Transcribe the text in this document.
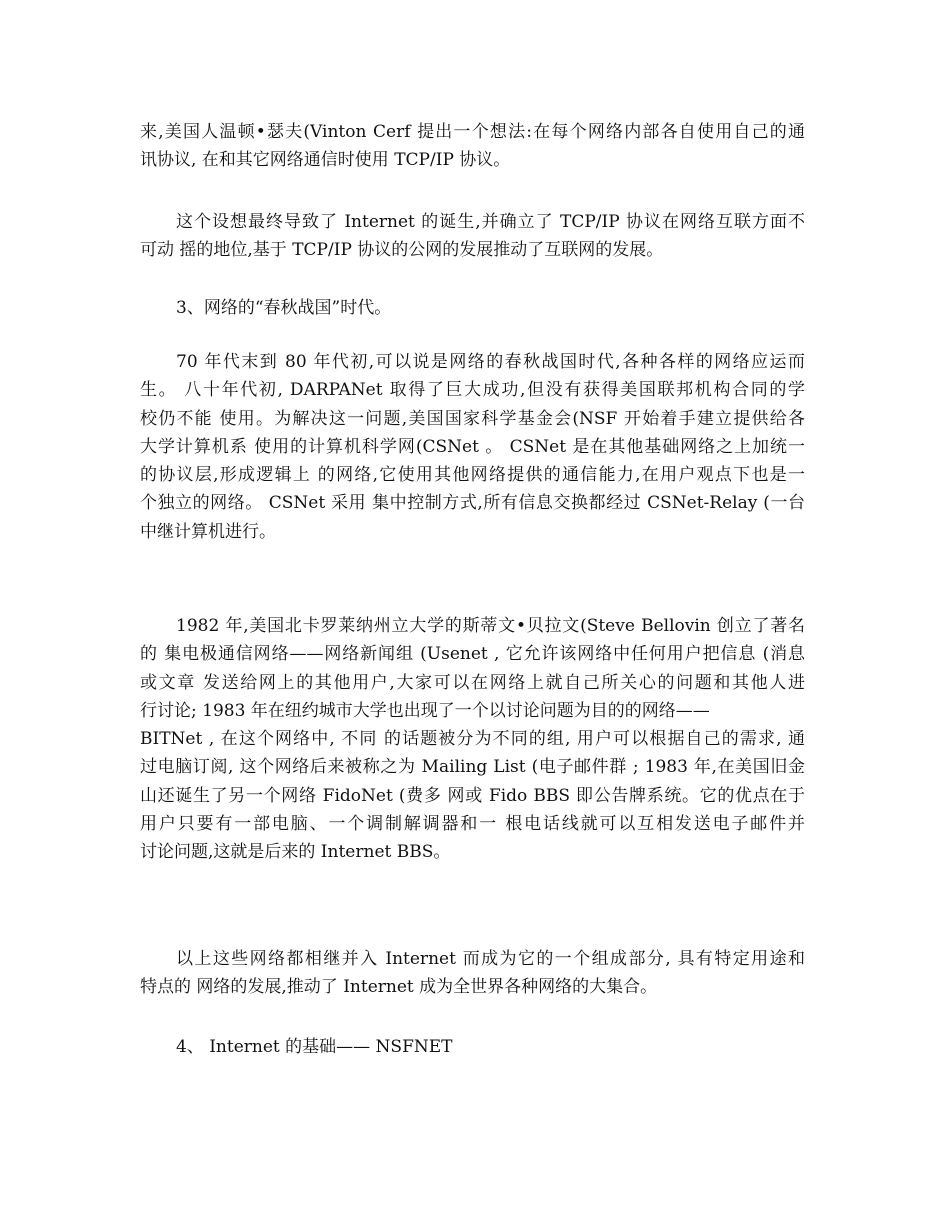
来,美国人温顿•瑟夫(Vinton Cerf 提出一个想法:在每个网络内部各自使用自己的通
讯协议, 在和其它网络通信时使用 TCP/IP 协议。
这个设想最终导致了 Internet 的诞生,并确立了 TCP/IP 协议在网络互联方面不
可动 摇的地位,基于 TCP/IP 协议的公网的发展推动了互联网的发展。
3、网络的“春秋战国”时代。
70 年代末到 80 年代初,可以说是网络的春秋战国时代,各种各样的网络应运而
生。 八十年代初, DARPANet 取得了巨大成功,但没有获得美国联邦机构合同的学
校仍不能 使用。为解决这一问题,美国国家科学基金会(NSF 开始着手建立提供给各
大学计算机系 使用的计算机科学网(CSNet 。 CSNet 是在其他基础网络之上加统一
的协议层,形成逻辑上 的网络,它使用其他网络提供的通信能力,在用户观点下也是一
个独立的网络。 CSNet 采用 集中控制方式,所有信息交换都经过 CSNet-Relay (一台
中继计算机进行。
1982 年,美国北卡罗莱纳州立大学的斯蒂文•贝拉文(Steve Bellovin 创立了著名
的 集电极通信网络——网络新闻组 (Usenet , 它允许该网络中任何用户把信息 (消息
或文章 发送给网上的其他用户,大家可以在网络上就自己所关心的问题和其他人进
行讨论; 1983 年在纽约城市大学也出现了一个以讨论问题为目的的网络——
BITNet , 在这个网络中, 不同 的话题被分为不同的组, 用户可以根据自己的需求, 通
过电脑订阅, 这个网络后来被称之为 Mailing List (电子邮件群 ; 1983 年,在美国旧金
山还诞生了另一个网络 FidoNet (费多 网或 Fido BBS 即公告牌系统。它的优点在于
用户只要有一部电脑、一个调制解调器和一 根电话线就可以互相发送电子邮件并
讨论问题,这就是后来的 Internet BBS。
以上这些网络都相继并入 Internet 而成为它的一个组成部分, 具有特定用途和
特点的 网络的发展,推动了 Internet 成为全世界各种网络的大集合。
4、 Internet 的基础—— NSFNET
